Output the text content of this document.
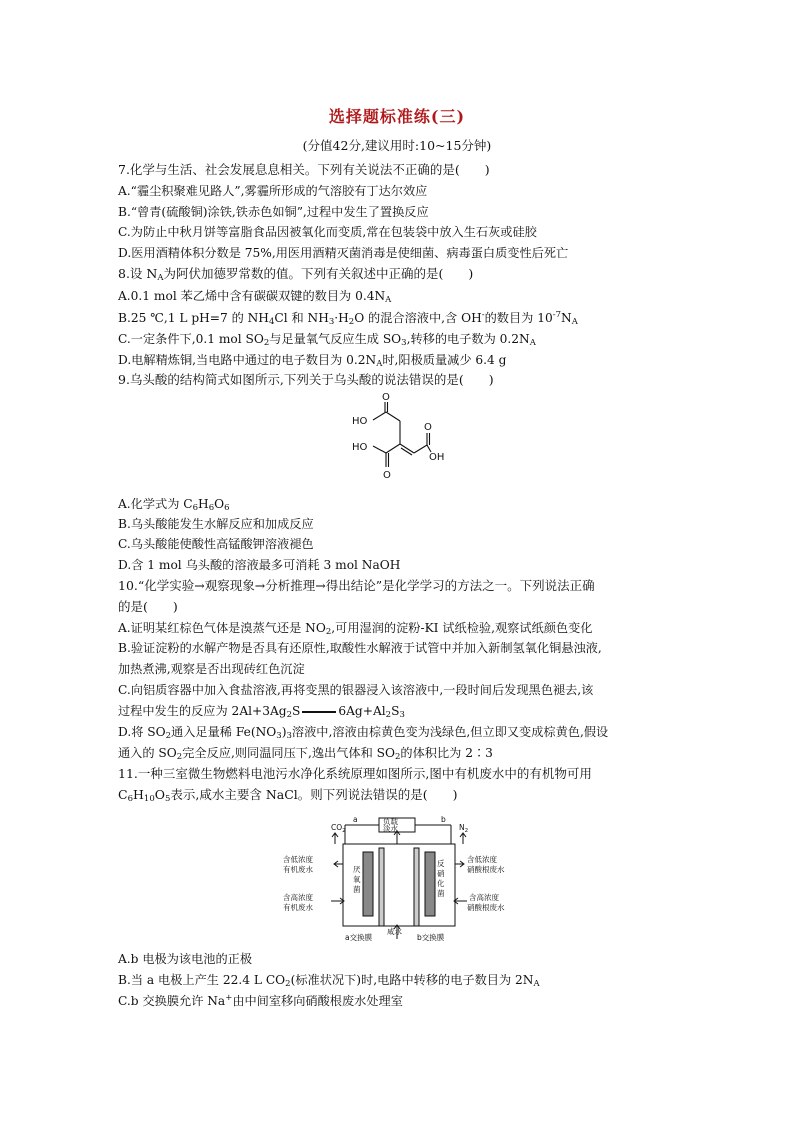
选择题标准练(三)
(分值42分,建议用时:10~15分钟)
7.化学与生活、社会发展息息相关。下列有关说法不正确的是(　　)
A.“霾尘积聚难见路人”,雾霾所形成的气溶胶有丁达尔效应
B.“曾青(硫酸铜)涂铁,铁赤色如铜”,过程中发生了置换反应
C.为防止中秋月饼等富脂食品因被氧化而变质,常在包装袋中放入生石灰或硅胶
D.医用酒精体积分数是 75%,用医用酒精灭菌消毒是使细菌、病毒蛋白质变性后死亡
8.设 $N_A$为阿伏加德罗常数的值。下列有关叙述中正确的是(　　)
A.0.1 mol 苯乙烯中含有碳碳双键的数目为 $0.4N_A$
B.25 ℃,1 L pH=7 的 $NH_4Cl$ 和 $NH_3\cdot H_2O$ 的混合溶液中,含 OH-的数目为 $10^{-7}N_A$
C.一定条件下,0.1 mol $SO_2$与足量氧气反应生成 $SO_3$,转移的电子数为 $0.2N_A$
D.电解精炼铜,当电路中通过的电子数目为 $0.2N_A$时,阳极质量减少 6.4 g
9.乌头酸的结构简式如图所示,下列关于乌头酸的说法错误的是(　　)
O
HO
HO
O
O
OH
A.化学式为 $C_6H_6O_6$
B.乌头酸能发生水解反应和加成反应
C.乌头酸能使酸性高锰酸钾溶液褪色
D.含 1 mol 乌头酸的溶液最多可消耗 3 mol NaOH
10.“化学实验→观察现象→分析推理→得出结论”是化学学习的方法之一。下列说法正确
的是(　　)
A.证明某红棕色气体是溴蒸气还是 $NO_2$,可用湿润的淀粉-KI 试纸检验,观察试纸颜色变化
B.验证淀粉的水解产物是否具有还原性,取酸性水解液于试管中并加入新制氢氧化铜悬浊液,
加热煮沸,观察是否出现砖红色沉淀
C.向铝质容器中加入食盐溶液,再将变黑的银器浸入该溶液中,一段时间后发现黑色褪去,该
过程中发生的反应为 $2Al+3Ag_2S$	$6Ag+Al_2S_3$
D.将 $SO_2$通入足量稀 $Fe(NO_3)_3$溶液中,溶液由棕黄色变为浅绿色,但立即又变成棕黄色,假设
通入的 $SO_2$完全反应,则同温同压下,逸出气体和 $SO_2$的体积比为 2∶3
11.一种三室微生物燃料电池污水净化系统原理如图所示,图中有机废水中的有机物可用
$C_6H_{10}O_5$表示,咸水主要含 NaCl。则下列说法错误的是(　　)
负载
淡水
$CO_2$	$N_2$
a	b
含低浓度
有机废水
含高浓度
有机废水
含低浓度
硝酸根废水
含高浓度
硝酸根废水
厌
氧
菌
反
硝
化
菌
a交换膜
咸水
b交换膜
A.b 电极为该电池的正极
B.当 a 电极上产生 22.4 L $CO_2$(标准状况下)时,电路中转移的电子数目为 $2N_A$
C.b 交换膜允许 Na+由中间室移向硝酸根废水处理室
